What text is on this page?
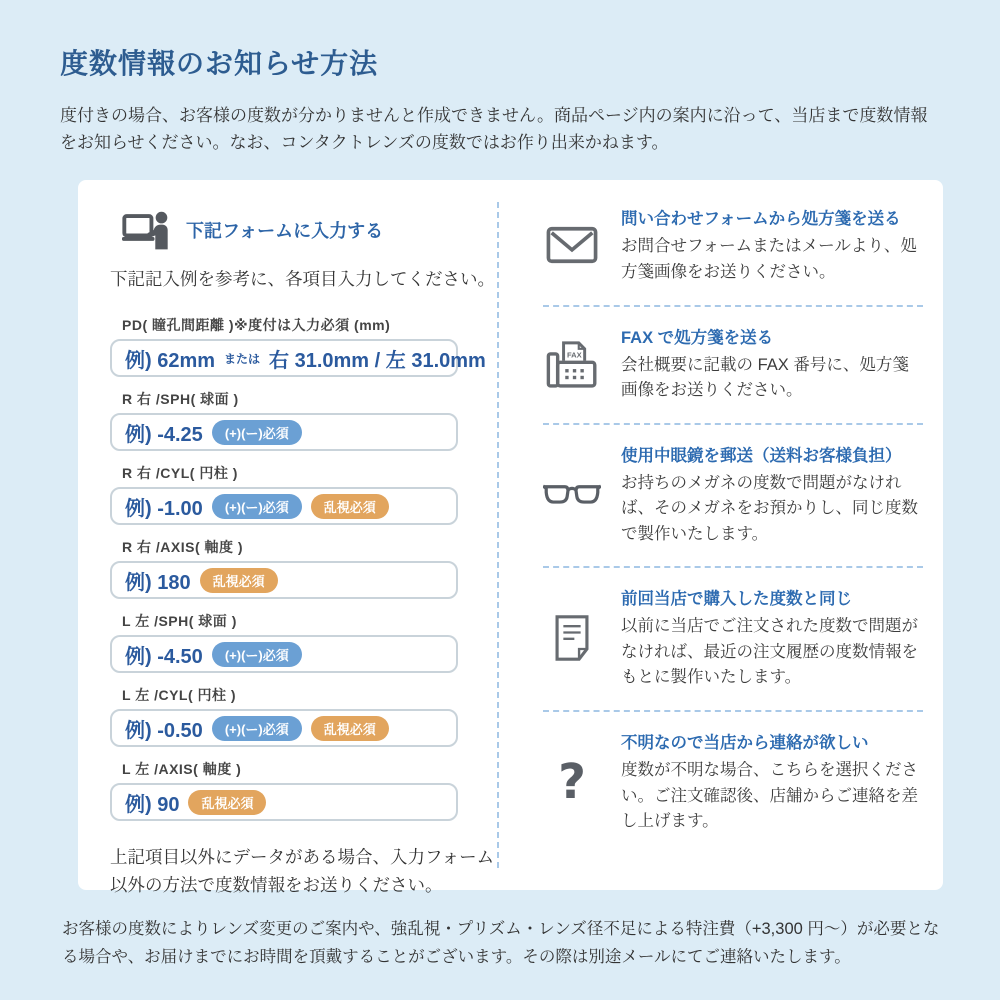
度数情報のお知らせ方法

度付きの場合、お客様の度数が分かりませんと作成できません。商品ページ内の案内に沿って、当店まで度数情報をお知らせください。なお、コンタクトレンズの度数ではお作り出来かねます。

下記フォームに入力する

下記記入例を参考に、各項目入力してください。

PD( 瞳孔間距離 )※度付は入力必須 (mm)
例) 62mm または 右 31.0mm / 左 31.0mm
R 右 /SPH( 球面 )
例) -4.25	(+)(ー)必須
R 右 /CYL( 円柱 )
例) -1.00	(+)(ー)必須	乱視必須
R 右 /AXIS( 軸度 )
例) 180	乱視必須
L 左 /SPH( 球面 )
例) -4.50	(+)(ー)必須
L 左 /CYL( 円柱 )
例) -0.50	(+)(ー)必須	乱視必須
L 左 /AXIS( 軸度 )
例) 90	乱視必須

上記項目以外にデータがある場合、入力フォーム以外の方法で度数情報をお送りください。

問い合わせフォームから処方箋を送る
お問合せフォームまたはメールより、処方箋画像をお送りください。
FAX
FAX で処方箋を送る
会社概要に記載の FAX 番号に、処方箋画像をお送りください。
使用中眼鏡を郵送（送料お客様負担）
お持ちのメガネの度数で問題がなければ、そのメガネをお預かりし、同じ度数で製作いたします。
前回当店で購入した度数と同じ
以前に当店でご注文された度数で問題がなければ、最近の注文履歴の度数情報をもとに製作いたします。
?
不明なので当店から連絡が欲しい
度数が不明な場合、こちらを選択ください。ご注文確認後、店舗からご連絡を差し上げます。

お客様の度数によりレンズ変更のご案内や、強乱視・プリズム・レンズ径不足による特注費（+3,300 円～）が必要となる場合や、お届けまでにお時間を頂戴することがございます。その際は別途メールにてご連絡いたします。
